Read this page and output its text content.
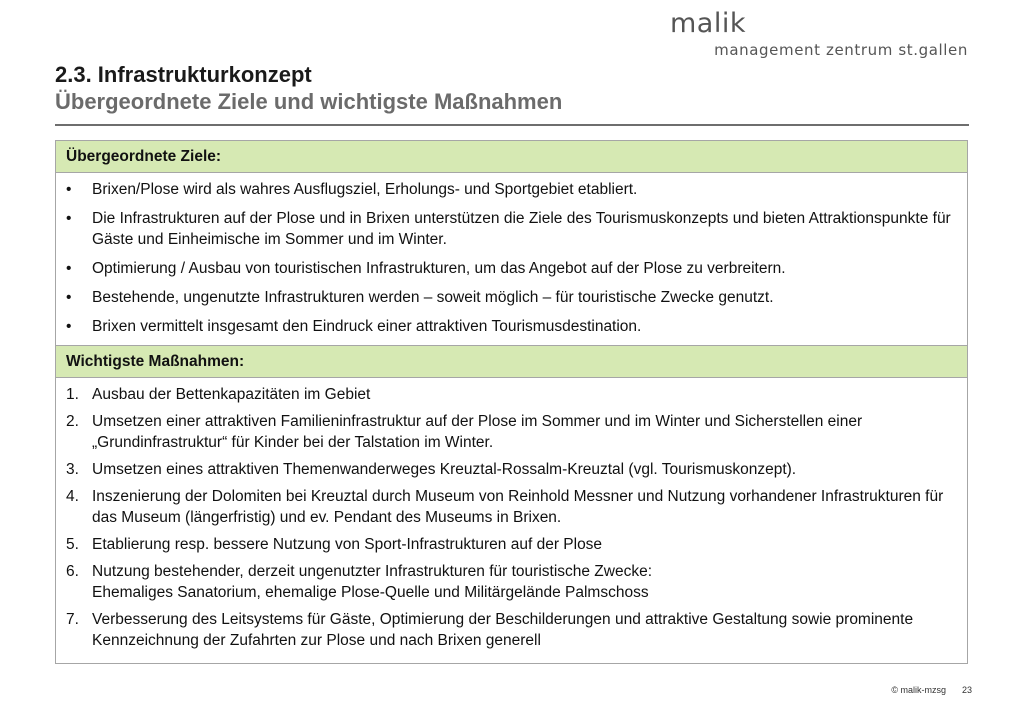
malik
management zentrum st.gallen
2.3. Infrastrukturkonzept
Übergeordnete Ziele und wichtigste Maßnahmen
Übergeordnete Ziele:
• Brixen/Plose wird als wahres Ausflugsziel, Erholungs- und Sportgebiet etabliert.
• Die Infrastrukturen auf der Plose und in Brixen unterstützen die Ziele des Tourismuskonzepts und bieten Attraktionspunkte für Gäste und Einheimische im Sommer und im Winter.
• Optimierung / Ausbau von touristischen Infrastrukturen, um das Angebot auf der Plose zu verbreitern.
• Bestehende, ungenutzte Infrastrukturen werden – soweit möglich – für touristische Zwecke genutzt.
• Brixen vermittelt insgesamt den Eindruck einer attraktiven Tourismusdestination.
Wichtigste Maßnahmen:
1. Ausbau der Bettenkapazitäten im Gebiet
2. Umsetzen einer attraktiven Familieninfrastruktur auf der Plose im Sommer und im Winter und Sicherstellen einer „Grundinfrastruktur“ für Kinder bei der Talstation im Winter.
3. Umsetzen eines attraktiven Themenwanderweges Kreuztal-Rossalm-Kreuztal (vgl. Tourismuskonzept).
4. Inszenierung der Dolomiten bei Kreuztal durch Museum von Reinhold Messner und Nutzung vorhandener Infrastrukturen für das Museum (längerfristig) und ev. Pendant des Museums in Brixen.
5. Etablierung resp. bessere Nutzung von Sport-Infrastrukturen auf der Plose
6. Nutzung bestehender, derzeit ungenutzter Infrastrukturen für touristische Zwecke:
Ehemaliges Sanatorium, ehemalige Plose-Quelle und Militärgelände Palmschoss
7. Verbesserung des Leitsystems für Gäste, Optimierung der Beschilderungen und attraktive Gestaltung sowie prominente Kennzeichnung der Zufahrten zur Plose und nach Brixen generell
© malik-mzsg 23
